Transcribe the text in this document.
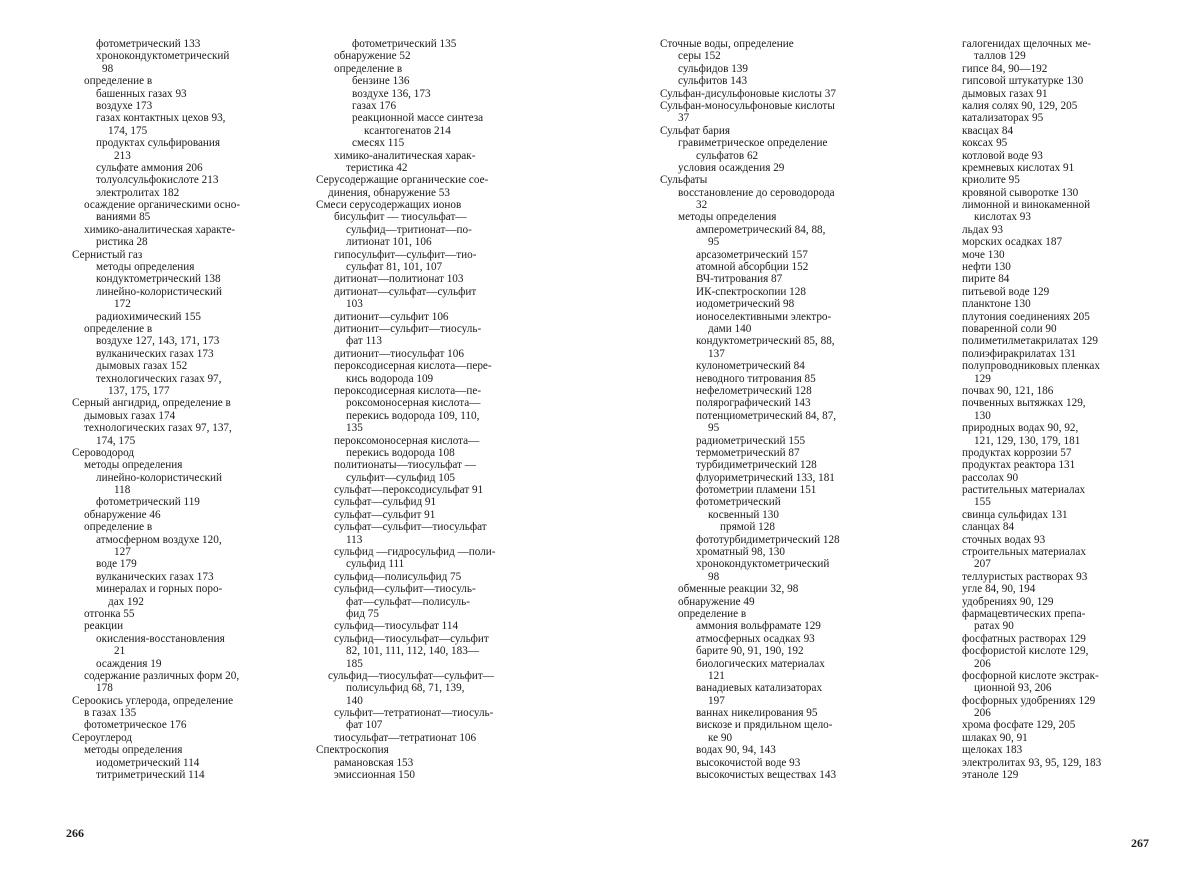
фотометрический 133
хронокондуктометрический
98
определение в
башенных газах 93
воздухе 173
газах контактных цехов 93,
174, 175
продуктах сульфирования
213
сульфате аммония 206
толуолсульфокислоте 213
электролитах 182
осаждение органическими осно-
ваниями 85
химико-аналитическая характе-
ристика 28
Сернистый газ
методы определения
кондуктометрический 138
линейно-колористический
172
радиохимический 155
определение в
воздухе 127, 143, 171, 173
вулканических газах 173
дымовых газах 152
технологических газах 97,
137, 175, 177
Серный ангидрид, определение в
дымовых газах 174
технологических газах 97, 137,
174, 175
Сероводород
методы определения
линейно-колористический
118
фотометрический 119
обнаружение 46
определение в
атмосферном воздухе 120,
127
воде 179
вулканических газах 173
минералах и горных поро-
дах 192
отгонка 55
реакции
окисления-восстановления
21
осаждения 19
содержание различных форм 20,
178
Сероокись углерода, определение
в газах 135
фотометрическое 176
Сероуглерод
методы определения
иодометрический 114
титриметрический 114
фотометрический 135
обнаружение 52
определение в
бензине 136
воздухе 136, 173
газах 176
реакционной массе синтеза
ксантогенатов 214
смесях 115
химико-аналитическая харак-
теристика 42
Серусодержащие органические сое-
динения, обнаружение 53
Смеси серусодержащих ионов
бисульфит — тиосульфат—
сульфид—тритионат—по-
литионат 101, 106
гипосульфит—сульфит—тио-
сульфат 81, 101, 107
дитионат—политионат 103
дитионат—сульфат—сульфит
103
дитионит—сульфит 106
дитионит—сульфит—тиосуль-
фат 113
дитионит—тиосульфат 106
пероксодисерная кислота—пере-
кись водорода 109
пероксодисерная кислота—пе-
роксомоносерная кислота—
перекись водорода 109, 110,
135
пероксомоносерная кислота—
перекись водорода 108
политионаты—тиосульфат —
сульфит—сульфид 105
сульфат—пероксодисульфат 91
сульфат—сульфид 91
сульфат—сульфит 91
сульфат—сульфит—тиосульфат
113
сульфид —гидросульфид —поли-
сульфид 111
сульфид—полисульфид 75
сульфид—сульфит—тиосуль-
фат—сульфат—полисуль-
фид 75
сульфид—тиосульфат 114
сульфид—тиосульфат—сульфит
82, 101, 111, 112, 140, 183—
185
сульфид—тиосульфат—сульфит—
полисульфид 68, 71, 139,
140
сульфит—тетратионат—тиосуль-
фат 107
тиосульфат—тетратионат 106
Спектроскопия
рамановская 153
эмиссионная 150
Сточные воды, определение
серы 152
сульфидов 139
сульфитов 143
Сульфан-дисульфоновые кислоты 37
Сульфан-моносульфоновые кислоты
37
Сульфат бария
гравиметрическое определение
сульфатов 62
условия осаждения 29
Сульфаты
восстановление до сероводорода
32
методы определения
амперометрический 84, 88,
95
арсазометрический 157
атомной абсорбции 152
ВЧ-титрования 87
ИК-спектроскопии 128
иодометрический 98
ионоселективными электро-
дами 140
кондуктометрический 85, 88,
137
кулонометрический 84
неводного титрования 85
нефелометрический 128
полярографический 143
потенциометрический 84, 87,
95
радиометрический 155
термометрический 87
турбидиметрический 128
флуориметрический 133, 181
фотометрии пламени 151
фотометрический
косвенный 130
прямой 128
фототурбидиметрический 128
хроматный 98, 130
хронокондуктометрический
98
обменные реакции 32, 98
обнаружение 49
определение в
аммония вольфрамате 129
атмосферных осадках 93
барите 90, 91, 190, 192
биологических материалах
121
ванадиевых катализаторах
197
ваннах никелирования 95
вискозе и прядильном щело-
ке 90
водах 90, 94, 143
высокочистой воде 93
высокочистых веществах 143
галогенидах щелочных ме-
таллов 129
гипсе 84, 90—192
гипсовой штукатурке 130
дымовых газах 91
калия солях 90, 129, 205
катализаторах 95
квасцах 84
коксах 95
котловой воде 93
кремневых кислотах 91
криолите 95
кровяной сыворотке 130
лимонной и винокаменной
кислотах 93
льдах 93
морских осадках 187
моче 130
нефти 130
пирите 84
питьевой воде 129
планктоне 130
плутония соединениях 205
поваренной соли 90
полиметилметакрилатах 129
полиэфиракрилатах 131
полупроводниковых пленках
129
почвах 90, 121, 186
почвенных вытяжках 129,
130
природных водах 90, 92,
121, 129, 130, 179, 181
продуктах коррозии 57
продуктах реактора 131
рассолах 90
растительных материалах
155
свинца сульфидах 131
сланцах 84
сточных водах 93
строительных материалах
207
теллуристых растворах 93
угле 84, 90, 194
удобрениях 90, 129
фармацевтических препа-
ратах 90
фосфатных растворах 129
фосфористой кислоте 129,
206
фосфорной кислоте экстрак-
ционной 93, 206
фосфорных удобрениях 129
206
хрома фосфате 129, 205
шлаках 90, 91
щелоках 183
электролитах 93, 95, 129, 183
этаноле 129
266
267
